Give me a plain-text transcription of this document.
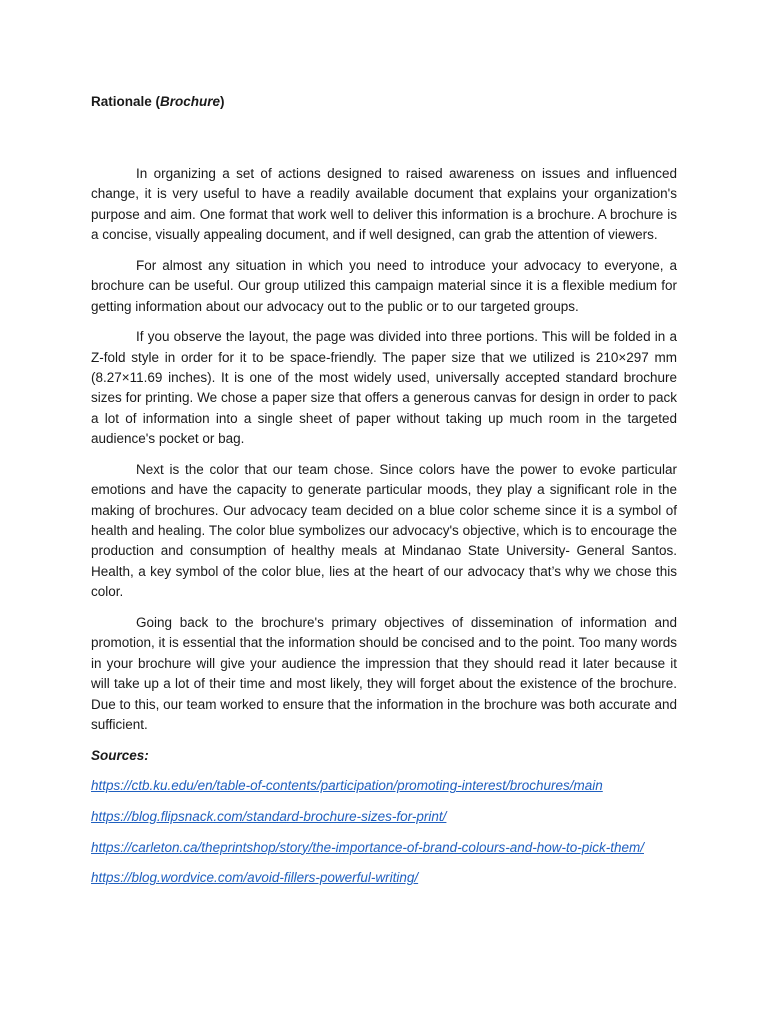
Rationale (Brochure)

In organizing a set of actions designed to raised awareness on issues and influenced change, it is very useful to have a readily available document that explains your organization's purpose and aim. One format that work well to deliver this information is a brochure. A brochure is a concise, visually appealing document, and if well designed, can grab the attention of viewers.

For almost any situation in which you need to introduce your advocacy to everyone, a brochure can be useful. Our group utilized this campaign material since it is a flexible medium for getting information about our advocacy out to the public or to our targeted groups.

If you observe the layout, the page was divided into three portions. This will be folded in a Z-fold style in order for it to be space-friendly. The paper size that we utilized is 210×297 mm (8.27×11.69 inches). It is one of the most widely used, universally accepted standard brochure sizes for printing. We chose a paper size that offers a generous canvas for design in order to pack a lot of information into a single sheet of paper without taking up much room in the targeted audience's pocket or bag.

Next is the color that our team chose. Since colors have the power to evoke particular emotions and have the capacity to generate particular moods, they play a significant role in the making of brochures. Our advocacy team decided on a blue color scheme since it is a symbol of health and healing. The color blue symbolizes our advocacy's objective, which is to encourage the production and consumption of healthy meals at Mindanao State University- General Santos. Health, a key symbol of the color blue, lies at the heart of our advocacy that’s why we chose this color.

Going back to the brochure's primary objectives of dissemination of information and promotion, it is essential that the information should be concised and to the point. Too many words in your brochure will give your audience the impression that they should read it later because it will take up a lot of their time and most likely, they will forget about the existence of the brochure. Due to this, our team worked to ensure that the information in the brochure was both accurate and sufficient.

Sources:
https://ctb.ku.edu/en/table-of-contents/participation/promoting-interest/brochures/main
https://blog.flipsnack.com/standard-brochure-sizes-for-print/
https://carleton.ca/theprintshop/story/the-importance-of-brand-colours-and-how-to-pick-them/
https://blog.wordvice.com/avoid-fillers-powerful-writing/
